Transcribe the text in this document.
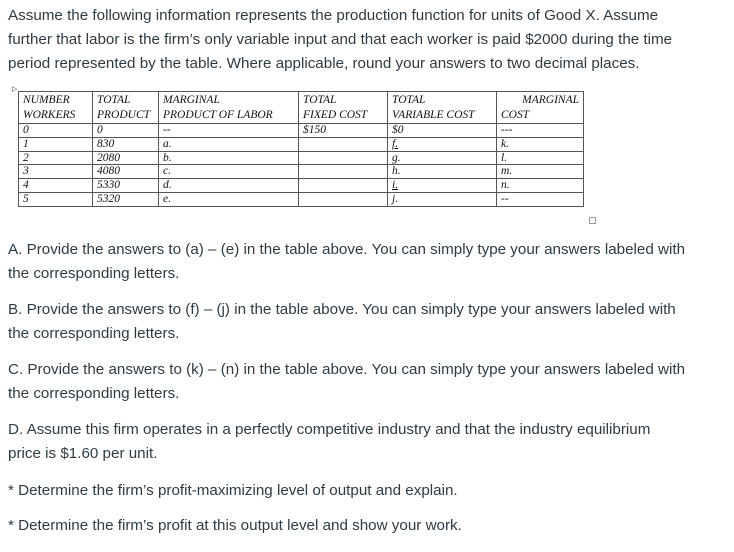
Assume the following information represents the production function for units of Good X. Assume

further that labor is the firm’s only variable input and that each worker is paid $2000 during the time

period represented by the table. Where applicable, round your answers to two decimal places.

▷
NUMBER	TOTAL	MARGINAL	TOTAL	TOTAL	MARGINAL
WORKERS	PRODUCT	PRODUCT OF LABOR	FIXED COST	VARIABLE COST	COST
0	0	--	$150	$0	---
1	830	a.		f.	k.
2	2080	b.		g.	l.
3	4080	c.		h.	m.
4	5330	d.		i.	n.
5	5320	e.		j.	--

A. Provide the answers to (a) – (e) in the table above. You can simply type your answers labeled with

the corresponding letters.

B. Provide the answers to (f) – (j) in the table above. You can simply type your answers labeled with

the corresponding letters.

C. Provide the answers to (k) – (n) in the table above. You can simply type your answers labeled with

the corresponding letters.

D. Assume this firm operates in a perfectly competitive industry and that the industry equilibrium

price is $1.60 per unit.

* Determine the firm’s profit-maximizing level of output and explain.

* Determine the firm’s profit at this output level and show your work.
